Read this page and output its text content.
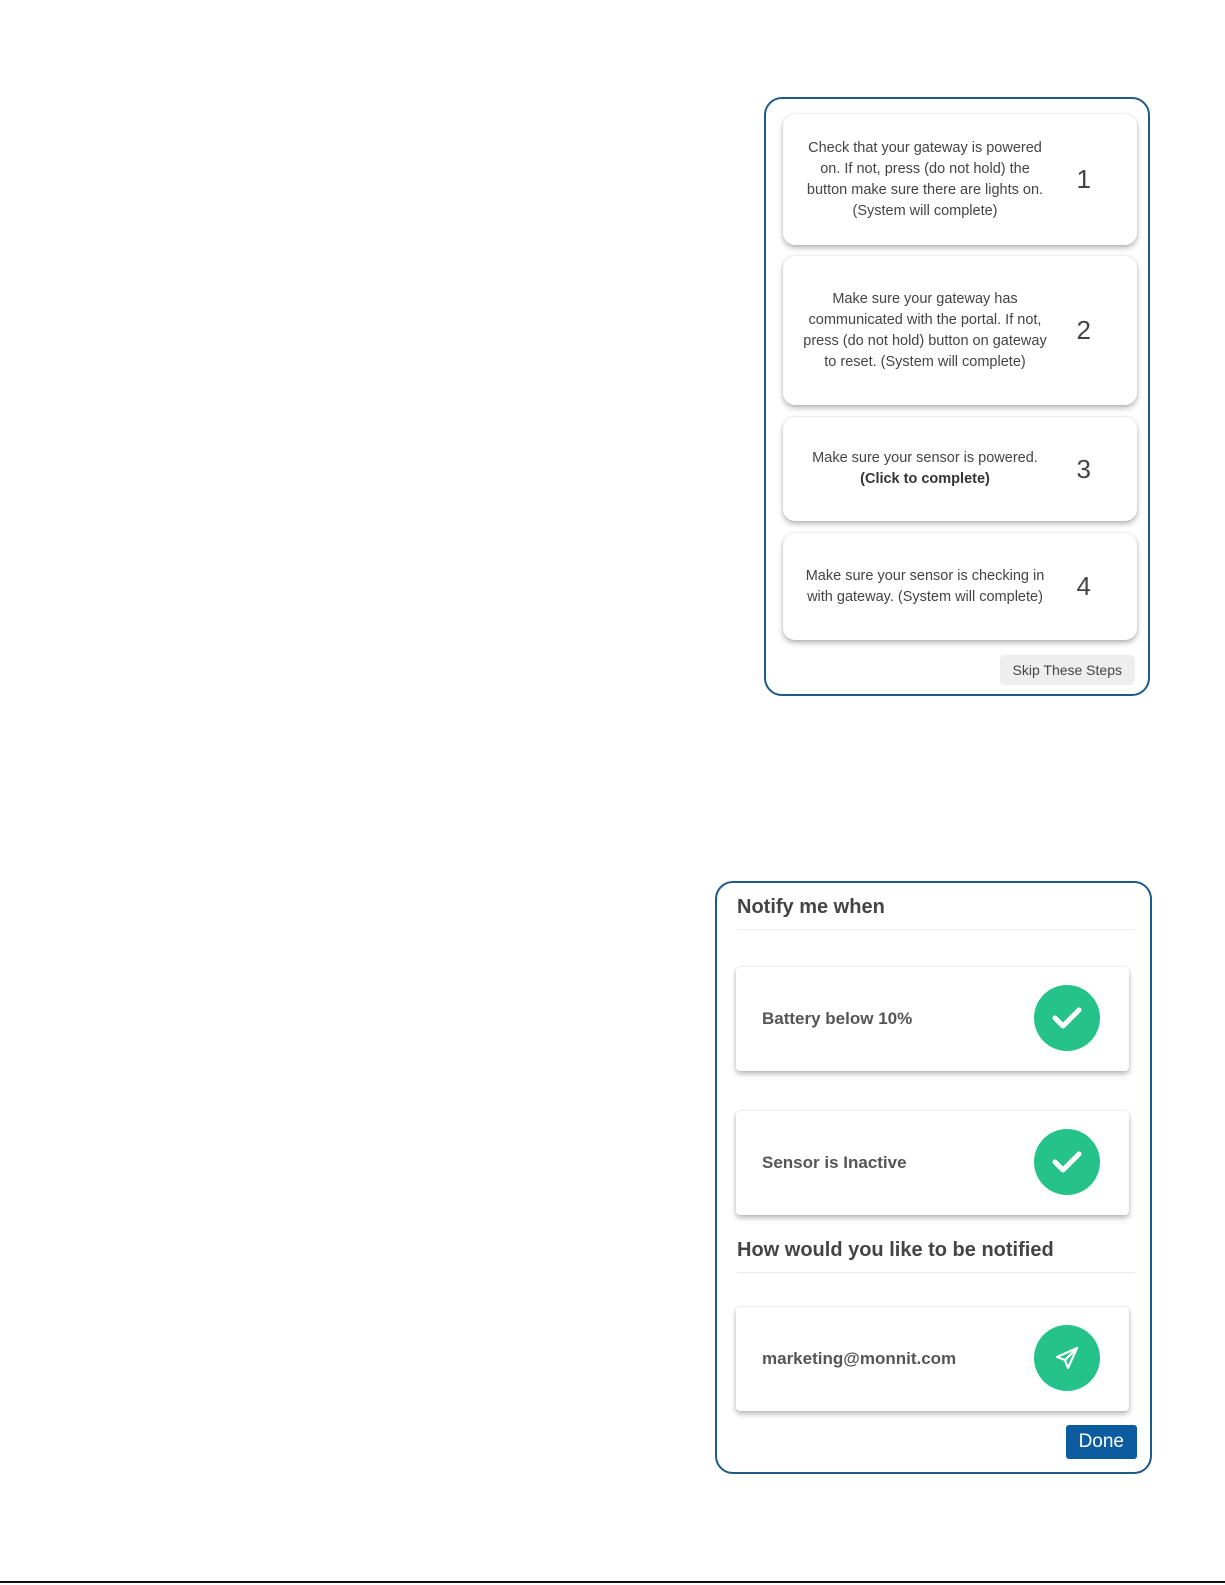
Check that your gateway is powered on. If not, press (do not hold) the button make sure there are lights on. (System will complete)
1
Make sure your gateway has communicated with the portal. If not, press (do not hold) button on gateway to reset. (System will complete)
2
Make sure your sensor is powered.
(Click to complete)	3
Make sure your sensor is checking in with gateway. (System will complete)	4
Skip These Steps
Notify me when
Battery below 10%
Sensor is Inactive
How would you like to be notified
marketing@monnit.com
Done
